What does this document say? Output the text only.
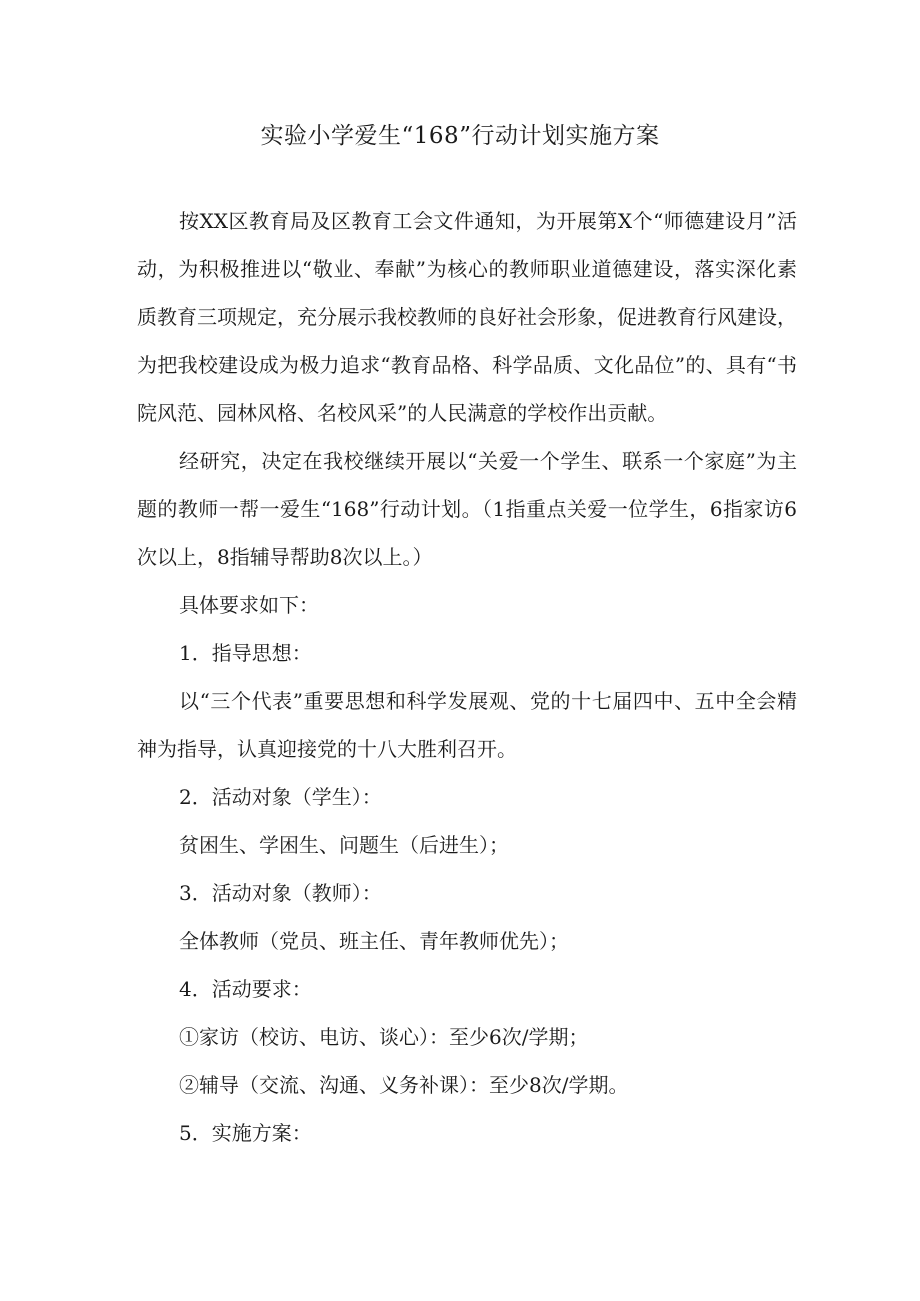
实验小学爱生“168”行动计划实施方案

按XX区教育局及区教育工会文件通知，为开展第X个“师德建设月”活动，为积极推进以“敬业、奉献”为核心的教师职业道德建设，落实深化素质教育三项规定，充分展示我校教师的良好社会形象，促进教育行风建设，为把我校建设成为极力追求“教育品格、科学品质、文化品位”的、具有“书院风范、园林风格、名校风采”的人民满意的学校作出贡献。

经研究，决定在我校继续开展以“关爱一个学生、联系一个家庭”为主题的教师一帮一爱生“168”行动计划。（1指重点关爱一位学生，6指家访6次以上，8指辅导帮助8次以上。）

具体要求如下：

1．指导思想：

以“三个代表”重要思想和科学发展观、党的十七届四中、五中全会精神为指导，认真迎接党的十八大胜利召开。

2．活动对象（学生）：

贫困生、学困生、问题生（后进生）；

3．活动对象（教师）：

全体教师（党员、班主任、青年教师优先）；

4．活动要求：

①家访（校访、电访、谈心）：至少6次/学期；

②辅导（交流、沟通、义务补课）：至少8次/学期。

5．实施方案：
